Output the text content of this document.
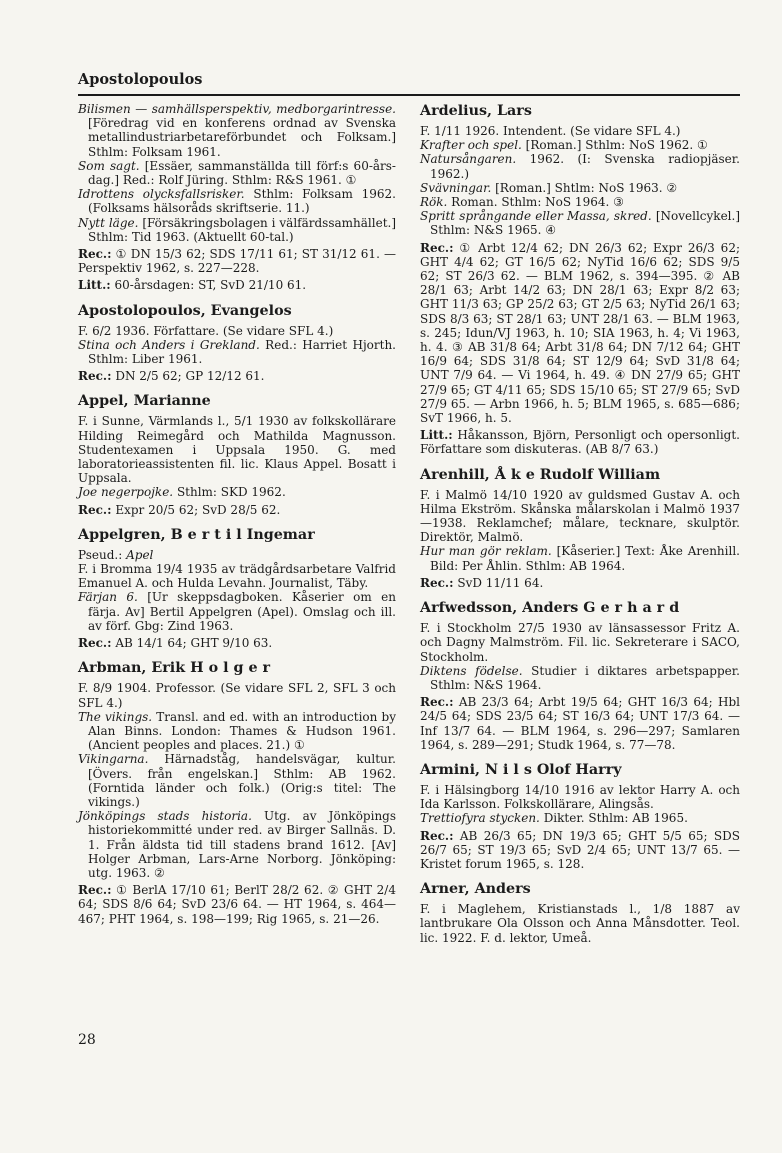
Apostolopoulos

Bilismen — samhällsperspektiv, medborgarintresse. [Föredrag vid en konferens ordnad av Svenska metallindustriarbetareförbundet och Folksam.] Sthlm: Folksam 1961.

Som sagt. [Essäer, sammanställda till förf:s 60-års-dag.] Red.: Rolf Jüring. Sthlm: R&S 1961. ①

Idrottens olycksfallsrisker. Sthlm: Folksam 1962. (Folksams hälsoråds skriftserie. 11.)

Nytt läge. [Försäkringsbolagen i välfärdssamhället.] Sthlm: Tid 1963. (Aktuellt 60-tal.)

Rec.: ① DN 15/3 62; SDS 17/11 61; ST 31/12 61. — Perspektiv 1962, s. 227—228.

Litt.: 60-årsdagen: ST, SvD 21/10 61.

Apostolopoulos, Evangelos

F. 6/2 1936. Författare. (Se vidare SFL 4.)

Stina och Anders i Grekland. Red.: Harriet Hjorth. Sthlm: Liber 1961.

Rec.: DN 2/5 62; GP 12/12 61.

Appel, Marianne

F. i Sunne, Värmlands l., 5/1 1930 av folkskollärare Hilding Reimegård och Mathilda Magnusson. Studentexamen i Uppsala 1950. G. med laboratorieassistenten fil. lic. Klaus Appel. Bosatt i Uppsala.

Joe negerpojke. Sthlm: SKD 1962.

Rec.: Expr 20/5 62; SvD 28/5 62.

Appelgren, B e r t i l Ingemar

Pseud.: Apel

F. i Bromma 19/4 1935 av trädgårdsarbetare Valfrid Emanuel A. och Hulda Levahn. Journalist, Täby.

Färjan 6. [Ur skeppsdagboken. Kåserier om en färja. Av] Bertil Appelgren (Apel). Omslag och ill. av förf. Gbg: Zind 1963.

Rec.: AB 14/1 64; GHT 9/10 63.

Arbman, Erik H o l g e r

F. 8/9 1904. Professor. (Se vidare SFL 2, SFL 3 och SFL 4.)

The vikings. Transl. and ed. with an introduction by Alan Binns. London: Thames & Hudson 1961. (Ancient peoples and places. 21.) ①

Vikingarna. Härnadståg, handelsvägar, kultur. [Övers. från engelskan.] Sthlm: AB 1962. (Forntida länder och folk.) (Orig:s titel: The vikings.)

Jönköpings stads historia. Utg. av Jönköpings historiekommitté under red. av Birger Sallnäs. D. 1. Från äldsta tid till stadens brand 1612. [Av] Holger Arbman, Lars-Arne Norborg. Jönköping: utg. 1963. ②

Rec.: ① BerlA 17/10 61; BerlT 28/2 62. ② GHT 2/4 64; SDS 8/6 64; SvD 23/6 64. — HT 1964, s. 464—467; PHT 1964, s. 198—199; Rig 1965, s. 21—26.

Ardelius, Lars

F. 1/11 1926. Intendent. (Se vidare SFL 4.)

Krafter och spel. [Roman.] Sthlm: NoS 1962. ①

Natursångaren. 1962. (I: Svenska radiopjäser. 1962.)

Svävningar. [Roman.] Shtlm: NoS 1963. ②

Rök. Roman. Sthlm: NoS 1964. ③

Spritt språngande eller Massa, skred. [Novellcykel.] Sthlm: N&S 1965. ④

Rec.: ① Arbt 12/4 62; DN 26/3 62; Expr 26/3 62; GHT 4/4 62; GT 16/5 62; NyTid 16/6 62; SDS 9/5 62; ST 26/3 62. — BLM 1962, s. 394—395. ② AB 28/1 63; Arbt 14/2 63; DN 28/1 63; Expr 8/2 63; GHT 11/3 63; GP 25/2 63; GT 2/5 63; NyTid 26/1 63; SDS 8/3 63; ST 28/1 63; UNT 28/1 63. — BLM 1963, s. 245; Idun/VJ 1963, h. 10; SIA 1963, h. 4; Vi 1963, h. 4. ③ AB 31/8 64; Arbt 31/8 64; DN 7/12 64; GHT 16/9 64; SDS 31/8 64; ST 12/9 64; SvD 31/8 64; UNT 7/9 64. — Vi 1964, h. 49. ④ DN 27/9 65; GHT 27/9 65; GT 4/11 65; SDS 15/10 65; ST 27/9 65; SvD 27/9 65. — Arbn 1966, h. 5; BLM 1965, s. 685—686; SvT 1966, h. 5.

Litt.: Håkansson, Björn, Personligt och opersonligt. Författare som diskuteras. (AB 8/7 63.)

Arenhill, Å k e Rudolf William

F. i Malmö 14/10 1920 av guldsmed Gustav A. och Hilma Ekström. Skånska målarskolan i Malmö 1937—1938. Reklamchef; målare, tecknare, skulptör. Direktör, Malmö.

Hur man gör reklam. [Kåserier.] Text: Åke Arenhill. Bild: Per Åhlin. Sthlm: AB 1964.

Rec.: SvD 11/11 64.

Arfwedsson, Anders G e r h a r d

F. i Stockholm 27/5 1930 av länsassessor Fritz A. och Dagny Malmström. Fil. lic. Sekreterare i SACO, Stockholm.

Diktens födelse. Studier i diktares arbetspapper. Sthlm: N&S 1964.

Rec.: AB 23/3 64; Arbt 19/5 64; GHT 16/3 64; Hbl 24/5 64; SDS 23/5 64; ST 16/3 64; UNT 17/3 64. — Inf 13/7 64. — BLM 1964, s. 296—297; Samlaren 1964, s. 289—291; Studk 1964, s. 77—78.

Armini, N i l s Olof Harry

F. i Hälsingborg 14/10 1916 av lektor Harry A. och Ida Karlsson. Folkskollärare, Alingsås.

Trettiofyra stycken. Dikter. Sthlm: AB 1965.

Rec.: AB 26/3 65; DN 19/3 65; GHT 5/5 65; SDS 26/7 65; ST 19/3 65; SvD 2/4 65; UNT 13/7 65. — Kristet forum 1965, s. 128.

Arner, Anders

F. i Maglehem, Kristianstads l., 1/8 1887 av lantbrukare Ola Olsson och Anna Månsdotter. Teol. lic. 1922. F. d. lektor, Umeå.

28
